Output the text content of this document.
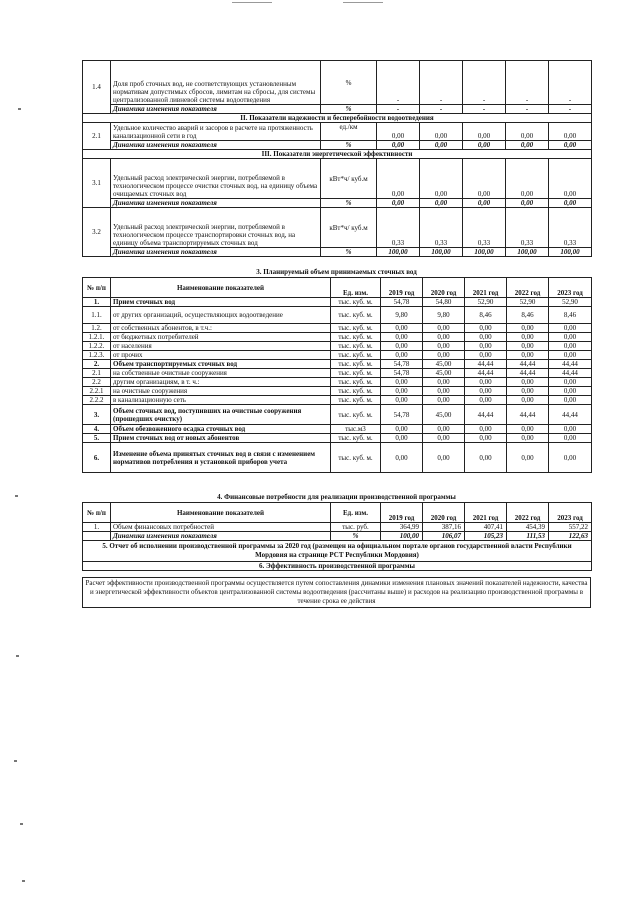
1.4	Доля проб сточных вод, не соответствующих установленным нормативам допустимых сбросов, лимитам на сбросы, для системы централизованной ливневой системы водоотведения	%	-	-	-	-	-
	Динамика изменения показателя	%	-	-	-	-	-
II. Показатели надежности и бесперебойности водоотведения							
2.1	Удельное количество аварий и засоров в расчете на протяженность канализационной сети в год	ед./км	0,00	0,00	0,00	0,00	0,00
	Динамика изменения показателя	%	0,00	0,00	0,00	0,00	0,00
III. Показатели энергетической эффективности							
3.1	Удельный расход электрической энергии, потребляемой в технологическом процессе очистки сточных вод, на единицу объема очищаемых сточных вод	кВт*ч/ куб.м	0,00	0,00	0,00	0,00	0,00
	Динамика изменения показателя	%	0,00	0,00	0,00	0,00	0,00
3.2	Удельный расход электрической энергии, потребляемой в технологическом процессе транспортировки сточных вод, на единицу объема транспортируемых сточных вод	кВт*ч/ куб.м	0,33	0,33	0,33	0,33	0,33
	Динамика изменения показателя	%	100,00	100,00	100,00	100,00	100,00
3. Планируемый объем принимаемых сточных вод
№ п/п	Наименование показателей	Ед. изм.	2019 год	2020 год	2021 год	2022 год	2023 год
1.	Прием сточных вод	тыс. куб. м.	54,78	54,80	52,90	52,90	52,90
1.1.	от других организаций, осуществляющих водоотведение	тыс. куб. м.	9,80	9,80	8,46	8,46	8,46
1.2.	от собственных абонентов, в т.ч.:	тыс. куб. м.	0,00	0,00	0,00	0,00	0,00
1.2.1.	от бюджетных потребителей	тыс. куб. м.	0,00	0,00	0,00	0,00	0,00
1.2.2.	от населения	тыс. куб. м.	0,00	0,00	0,00	0,00	0,00
1.2.3.	от прочих	тыс. куб. м.	0,00	0,00	0,00	0,00	0,00
2.	Объем транспортируемых сточных вод	тыс. куб. м.	54,78	45,00	44,44	44,44	44,44
2.1	на собственные очистные сооружения	тыс. куб. м.	54,78	45,00	44,44	44,44	44,44
2.2	другим организациям, в т. ч.:	тыс. куб. м.	0,00	0,00	0,00	0,00	0,00
2.2.1	на очистные сооружения	тыс. куб. м.	0,00	0,00	0,00	0,00	0,00
2.2.2	в канализационную сеть	тыс. куб. м.	0,00	0,00	0,00	0,00	0,00
3.	Объем сточных вод, поступивших на очистные сооружения (прошедших очистку)	тыс. куб. м.	54,78	45,00	44,44	44,44	44,44
4.	Объем обезвоженного осадка сточных вод	тыс.м3	0,00	0,00	0,00	0,00	0,00
5.	Прием сточных вод от новых абонентов	тыс. куб. м.	0,00	0,00	0,00	0,00	0,00
6.	Изменение объема принятых сточных вод в связи с изменением нормативов потребления и установкой приборов учета	тыс. куб. м.	0,00	0,00	0,00	0,00	0,00
4. Финансовые потребности для реализации производственной программы
№ п/п	Наименование показателей	Ед. изм.	2019 год	2020 год	2021 год	2022 год	2023 год
1.	Объем финансовых потребностей	тыс. руб.	364,99	387,16	407,41	454,39	557,22
	Динамика изменения показателя	%	100,00	106,07	105,23	111,53	122,63
5. Отчет об исполнении производственной программы за 2020 год (размещен на официальном портале органов государственной власти Республики Мордовия на странице РСТ Республики Мордовия)							
6. Эффективность производственной программы							
Расчет эффективности производственной программы осуществляется путем сопоставления динамики изменения плановых значений показателей надежности, качества и энергетической эффективности объектов централизованной системы водоотведения (рассчитаны выше) и расходов на реализацию производственной программы в течение срока ее действия
